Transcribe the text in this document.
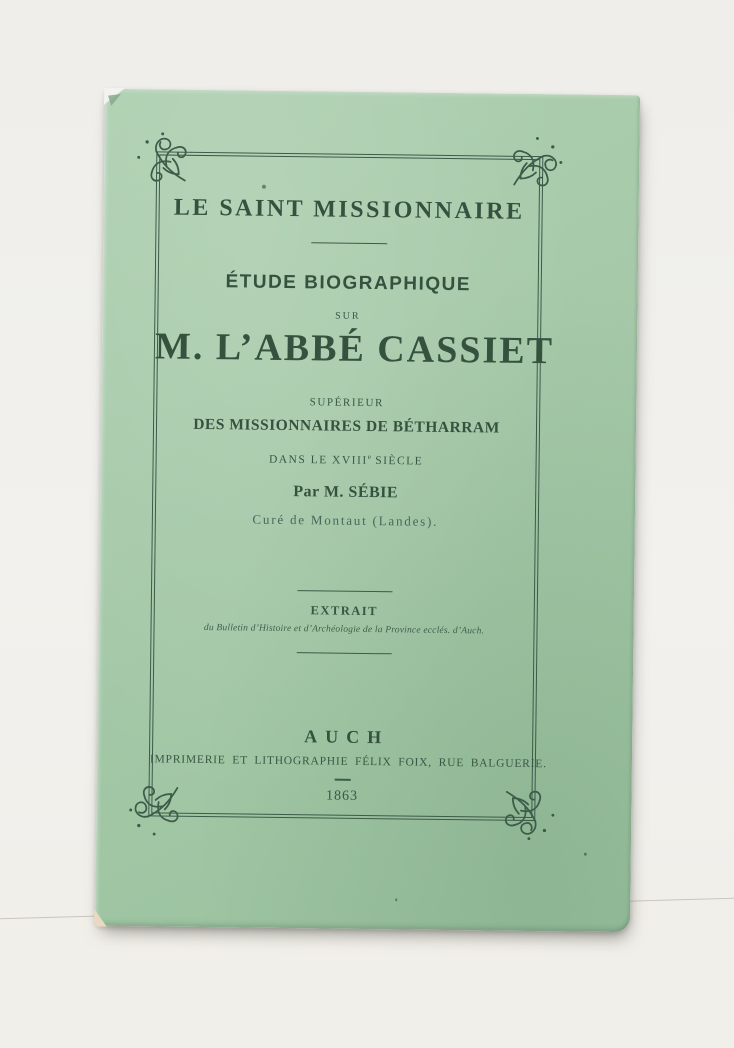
LE SAINT MISSIONNAIRE
ÉTUDE BIOGRAPHIQUE
SUR
M. L’ABBÉ CASSIET
SUPÉRIEUR
DES MISSIONNAIRES DE BÉTHARRAM
DANS LE XVIIIe SIÈCLE
Par M. SÉBIE
Curé de Montaut (Landes).
EXTRAIT
du Bulletin d’Histoire et d’Archéologie de la Province ecclés. d’Auch.
AUCH
IMPRIMERIE ET LITHOGRAPHIE FÉLIX FOIX, RUE BALGUERIE.
1863
